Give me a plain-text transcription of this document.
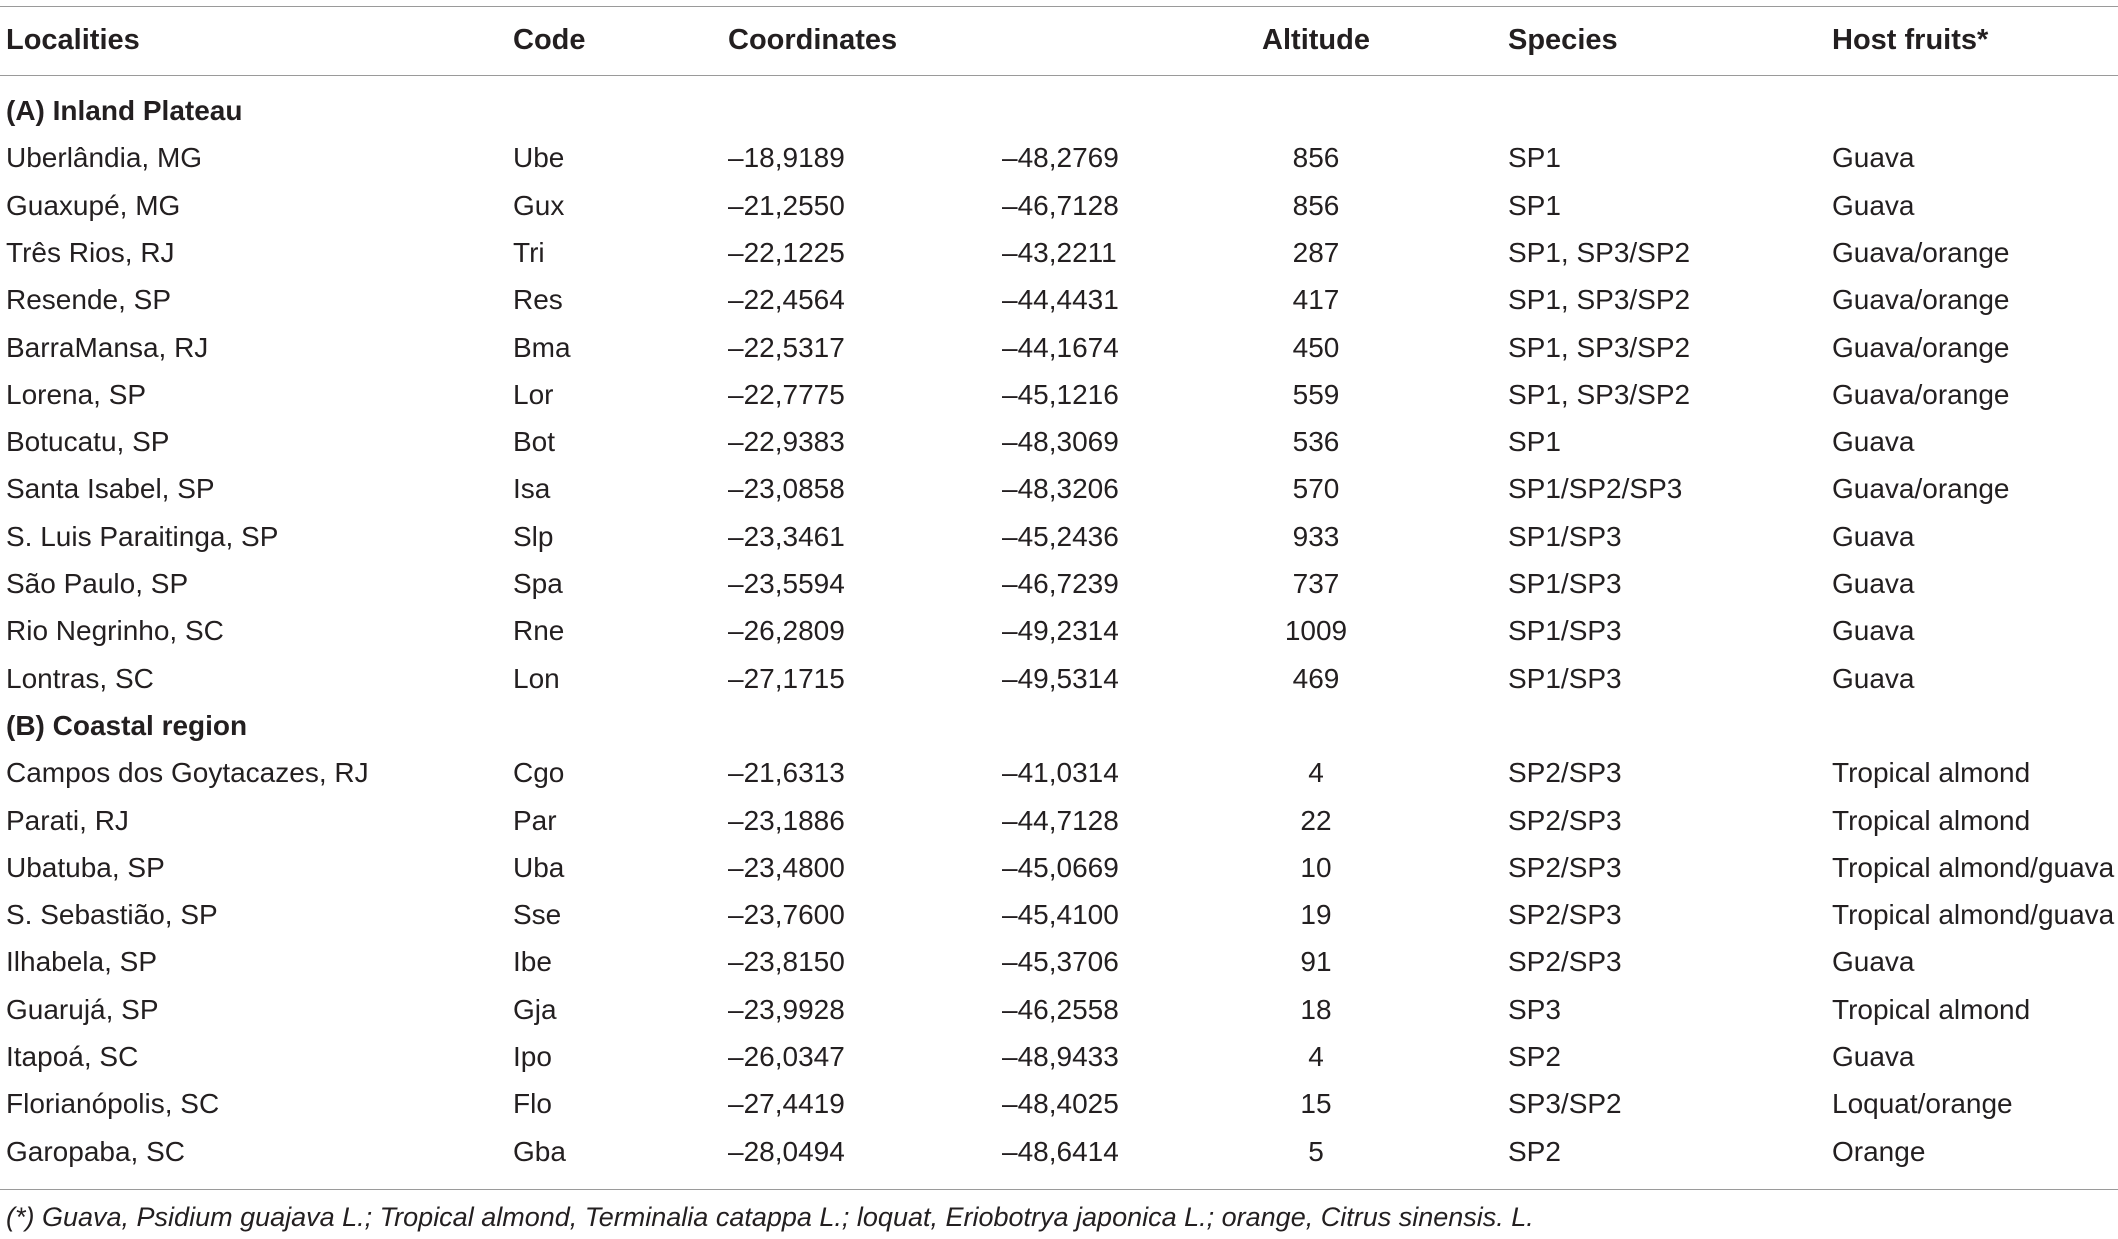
Localities	Code	Coordinates	Altitude	Species	Host fruits*
(A) Inland Plateau
Uberlândia, MG	Ube	–18,9189	–48,2769	856	SP1	Guava
Guaxupé, MG	Gux	–21,2550	–46,7128	856	SP1	Guava
Três Rios, RJ	Tri	–22,1225	–43,2211	287	SP1, SP3/SP2	Guava/orange
Resende, SP	Res	–22,4564	–44,4431	417	SP1, SP3/SP2	Guava/orange
BarraMansa, RJ	Bma	–22,5317	–44,1674	450	SP1, SP3/SP2	Guava/orange
Lorena, SP	Lor	–22,7775	–45,1216	559	SP1, SP3/SP2	Guava/orange
Botucatu, SP	Bot	–22,9383	–48,3069	536	SP1	Guava
Santa Isabel, SP	Isa	–23,0858	–48,3206	570	SP1/SP2/SP3	Guava/orange
S. Luis Paraitinga, SP	Slp	–23,3461	–45,2436	933	SP1/SP3	Guava
São Paulo, SP	Spa	–23,5594	–46,7239	737	SP1/SP3	Guava
Rio Negrinho, SC	Rne	–26,2809	–49,2314	1009	SP1/SP3	Guava
Lontras, SC	Lon	–27,1715	–49,5314	469	SP1/SP3	Guava
(B) Coastal region
Campos dos Goytacazes, RJ	Cgo	–21,6313	–41,0314	4	SP2/SP3	Tropical almond
Parati, RJ	Par	–23,1886	–44,7128	22	SP2/SP3	Tropical almond
Ubatuba, SP	Uba	–23,4800	–45,0669	10	SP2/SP3	Tropical almond/guava
S. Sebastião, SP	Sse	–23,7600	–45,4100	19	SP2/SP3	Tropical almond/guava
Ilhabela, SP	Ibe	–23,8150	–45,3706	91	SP2/SP3	Guava
Guarujá, SP	Gja	–23,9928	–46,2558	18	SP3	Tropical almond
Itapoá, SC	Ipo	–26,0347	–48,9433	4	SP2	Guava
Florianópolis, SC	Flo	–27,4419	–48,4025	15	SP3/SP2	Loquat/orange
Garopaba, SC	Gba	–28,0494	–48,6414	5	SP2	Orange
(*) Guava, Psidium guajava L.; Tropical almond, Terminalia catappa L.; loquat, Eriobotrya japonica L.; orange, Citrus sinensis. L.
